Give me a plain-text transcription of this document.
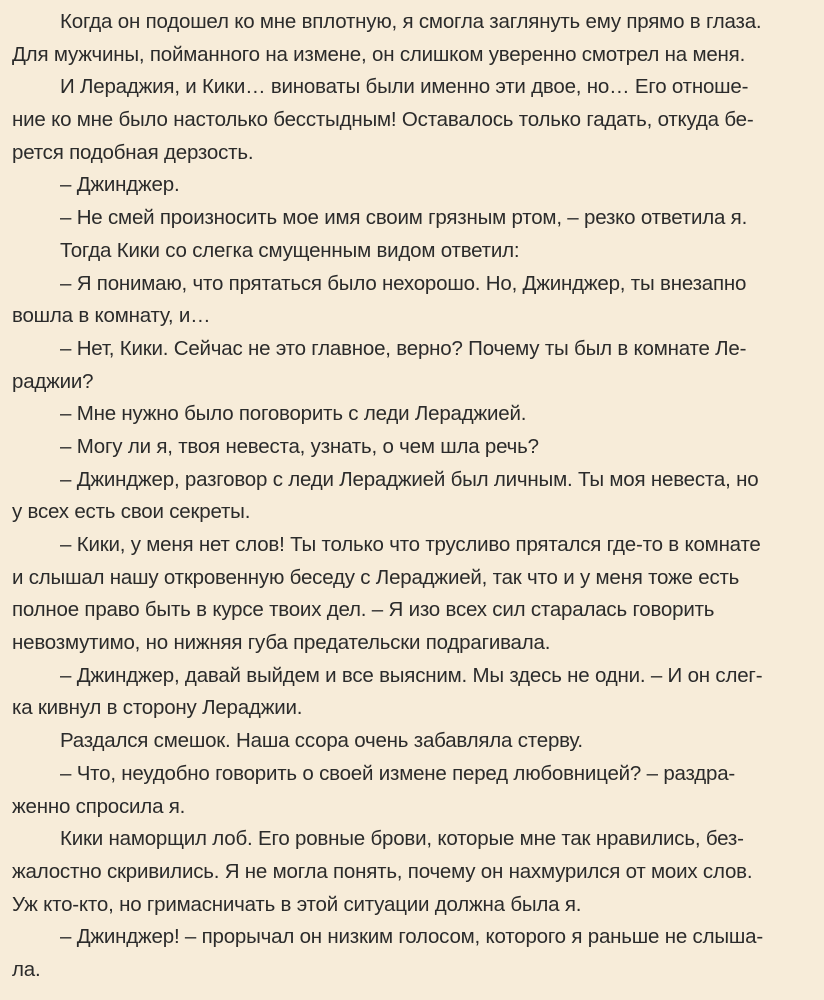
Когда он подошел ко мне вплотную, я смогла заглянуть ему прямо в глаза.
Для мужчины, пойманного на измене, он слишком уверенно смотрел на меня.
И Лераджия, и Кики… виноваты были именно эти двое, но… Его отноше-
ние ко мне было настолько бесстыдным! Оставалось только гадать, откуда бе-
рется подобная дерзость.
– Джинджер.
– Не смей произносить мое имя своим грязным ртом, – резко ответила я.
Тогда Кики со слегка смущенным видом ответил:
– Я понимаю, что прятаться было нехорошо. Но, Джинджер, ты внезапно
вошла в комнату, и…
– Нет, Кики. Сейчас не это главное, верно? Почему ты был в комнате Ле-
раджии?
– Мне нужно было поговорить с леди Лераджией.
– Могу ли я, твоя невеста, узнать, о чем шла речь?
– Джинджер, разговор с леди Лераджией был личным. Ты моя невеста, но
у всех есть свои секреты.
– Кики, у меня нет слов! Ты только что трусливо прятался где-то в комнате
и слышал нашу откровенную беседу с Лераджией, так что и у меня тоже есть
полное право быть в курсе твоих дел. – Я изо всех сил старалась говорить
невозмутимо, но нижняя губа предательски подрагивала.
– Джинджер, давай выйдем и все выясним. Мы здесь не одни. – И он слег-
ка кивнул в сторону Лераджии.
Раздался смешок. Наша ссора очень забавляла стерву.
– Что, неудобно говорить о своей измене перед любовницей? – раздра-
женно спросила я.
Кики наморщил лоб. Его ровные брови, которые мне так нравились, без-
жалостно скривились. Я не могла понять, почему он нахмурился от моих слов.
Уж кто-кто, но гримасничать в этой ситуации должна была я.
– Джинджер! – прорычал он низким голосом, которого я раньше не слыша-
ла.
